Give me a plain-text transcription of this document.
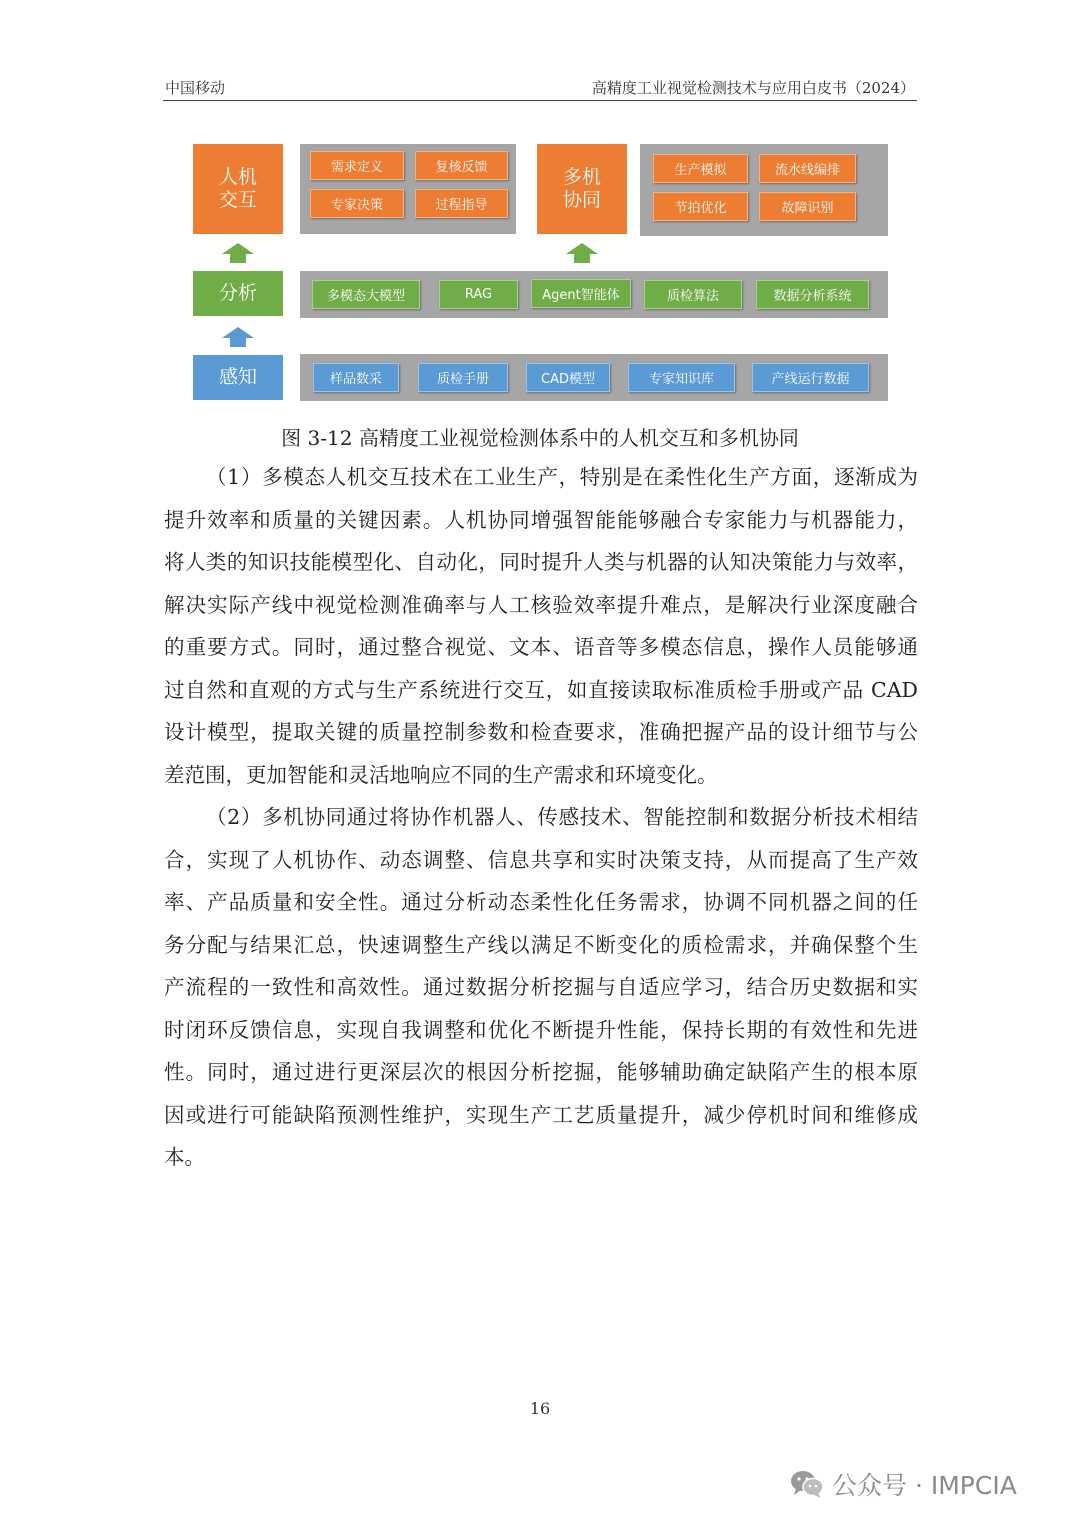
中国移动	高精度工业视觉检测技术与应用白皮书（2024）
人机
交互
需求定义	复核反馈
专家决策	过程指导
多机
协同
生产模拟	流水线编排
节拍优化	故障识别
分析	多模态大模型	RAG	Agent智能体	质检算法	数据分析系统
感知	样品数采	质检手册	CAD模型	专家知识库	产线运行数据
图 3-12 高精度工业视觉检测体系中的人机交互和多机协同
（1）多模态人机交互技术在工业生产，特别是在柔性化生产方面，逐渐成为
提升效率和质量的关键因素。人机协同增强智能能够融合专家能力与机器能力，
将人类的知识技能模型化、自动化，同时提升人类与机器的认知决策能力与效率，
解决实际产线中视觉检测准确率与人工核验效率提升难点，是解决行业深度融合
的重要方式。同时，通过整合视觉、文本、语音等多模态信息，操作人员能够通
过自然和直观的方式与生产系统进行交互，如直接读取标准质检手册或产品 CAD
设计模型，提取关键的质量控制参数和检查要求，准确把握产品的设计细节与公
差范围，更加智能和灵活地响应不同的生产需求和环境变化。
（2）多机协同通过将协作机器人、传感技术、智能控制和数据分析技术相结
合，实现了人机协作、动态调整、信息共享和实时决策支持，从而提高了生产效
率、产品质量和安全性。通过分析动态柔性化任务需求，协调不同机器之间的任
务分配与结果汇总，快速调整生产线以满足不断变化的质检需求，并确保整个生
产流程的一致性和高效性。通过数据分析挖掘与自适应学习，结合历史数据和实
时闭环反馈信息，实现自我调整和优化不断提升性能，保持长期的有效性和先进
性。同时，通过进行更深层次的根因分析挖掘，能够辅助确定缺陷产生的根本原
因或进行可能缺陷预测性维护，实现生产工艺质量提升，减少停机时间和维修成
本。
16
公众号 · IMPCIA
